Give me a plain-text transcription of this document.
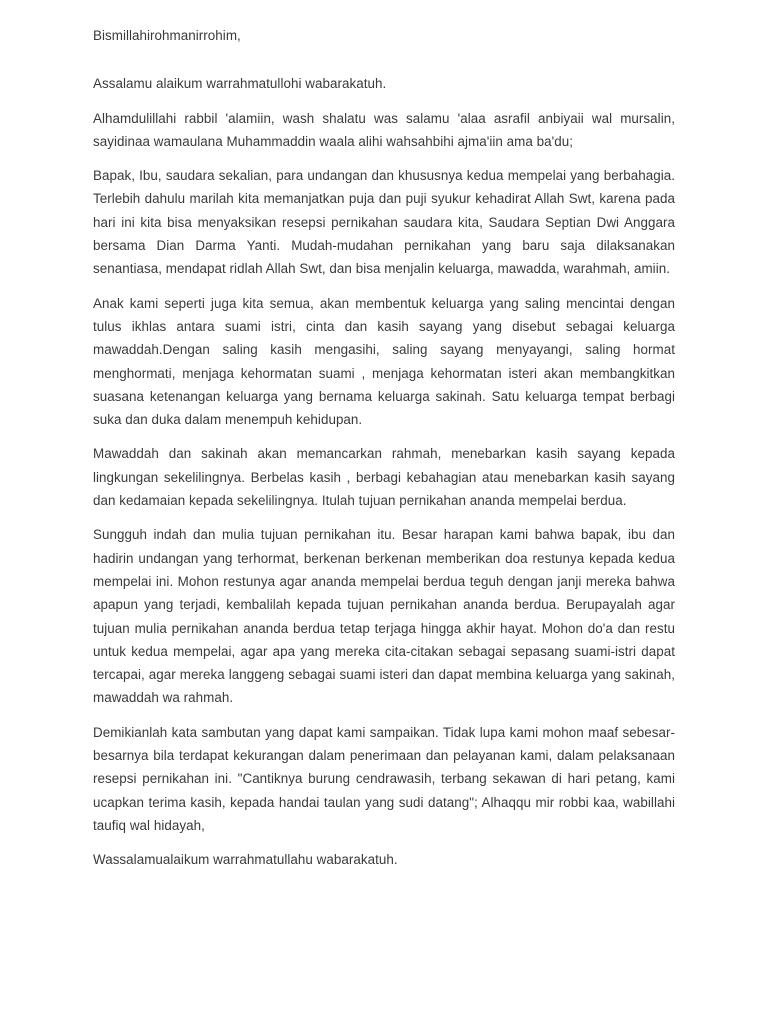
Bismillahirohmanirrohim,

Assalamu alaikum warrahmatullohi wabarakatuh.

Alhamdulillahi rabbil 'alamiin, wash shalatu was salamu 'alaa asrafil anbiyaii wal mursalin, sayidinaa wamaulana Muhammaddin waala alihi wahsahbihi ajma'iin ama ba'du;

Bapak, Ibu, saudara sekalian, para undangan dan khususnya kedua mempelai yang berbahagia. Terlebih dahulu marilah kita memanjatkan puja dan puji syukur kehadirat Allah Swt, karena pada hari ini kita bisa menyaksikan resepsi pernikahan saudara kita, Saudara Septian Dwi Anggara bersama Dian Darma Yanti. Mudah-mudahan pernikahan yang baru saja dilaksanakan senantiasa, mendapat ridlah Allah Swt, dan bisa menjalin keluarga, mawadda, warahmah, amiin.

Anak kami seperti juga kita semua, akan membentuk keluarga yang saling mencintai dengan tulus ikhlas antara suami istri, cinta dan kasih sayang yang disebut sebagai keluarga mawaddah.Dengan saling kasih mengasihi, saling sayang menyayangi, saling hormat menghormati, menjaga kehormatan suami , menjaga kehormatan isteri akan membangkitkan suasana ketenangan keluarga yang bernama keluarga sakinah. Satu keluarga tempat berbagi suka dan duka dalam menempuh kehidupan.

Mawaddah dan sakinah akan memancarkan rahmah, menebarkan kasih sayang kepada lingkungan sekelilingnya. Berbelas kasih , berbagi kebahagian atau menebarkan kasih sayang dan kedamaian kepada sekelilingnya. Itulah tujuan pernikahan ananda mempelai berdua.

Sungguh indah dan mulia tujuan pernikahan itu. Besar harapan kami bahwa bapak, ibu dan hadirin undangan yang terhormat, berkenan berkenan memberikan doa restunya kepada kedua mempelai ini. Mohon restunya agar ananda mempelai berdua teguh dengan janji mereka bahwa apapun yang terjadi, kembalilah kepada tujuan pernikahan ananda berdua. Berupayalah agar tujuan mulia pernikahan ananda berdua tetap terjaga hingga akhir hayat. Mohon do'a dan restu untuk kedua mempelai, agar apa yang mereka cita-citakan sebagai sepasang suami-istri dapat tercapai, agar mereka langgeng sebagai suami isteri dan dapat membina keluarga yang sakinah, mawaddah wa rahmah.

Demikianlah kata sambutan yang dapat kami sampaikan. Tidak lupa kami mohon maaf sebesar-besarnya bila terdapat kekurangan dalam penerimaan dan pelayanan kami, dalam pelaksanaan resepsi pernikahan ini. "Cantiknya burung cendrawasih, terbang sekawan di hari petang, kami ucapkan terima kasih, kepada handai taulan yang sudi datang"; Alhaqqu mir robbi kaa, wabillahi taufiq wal hidayah,

Wassalamualaikum warrahmatullahu wabarakatuh.
